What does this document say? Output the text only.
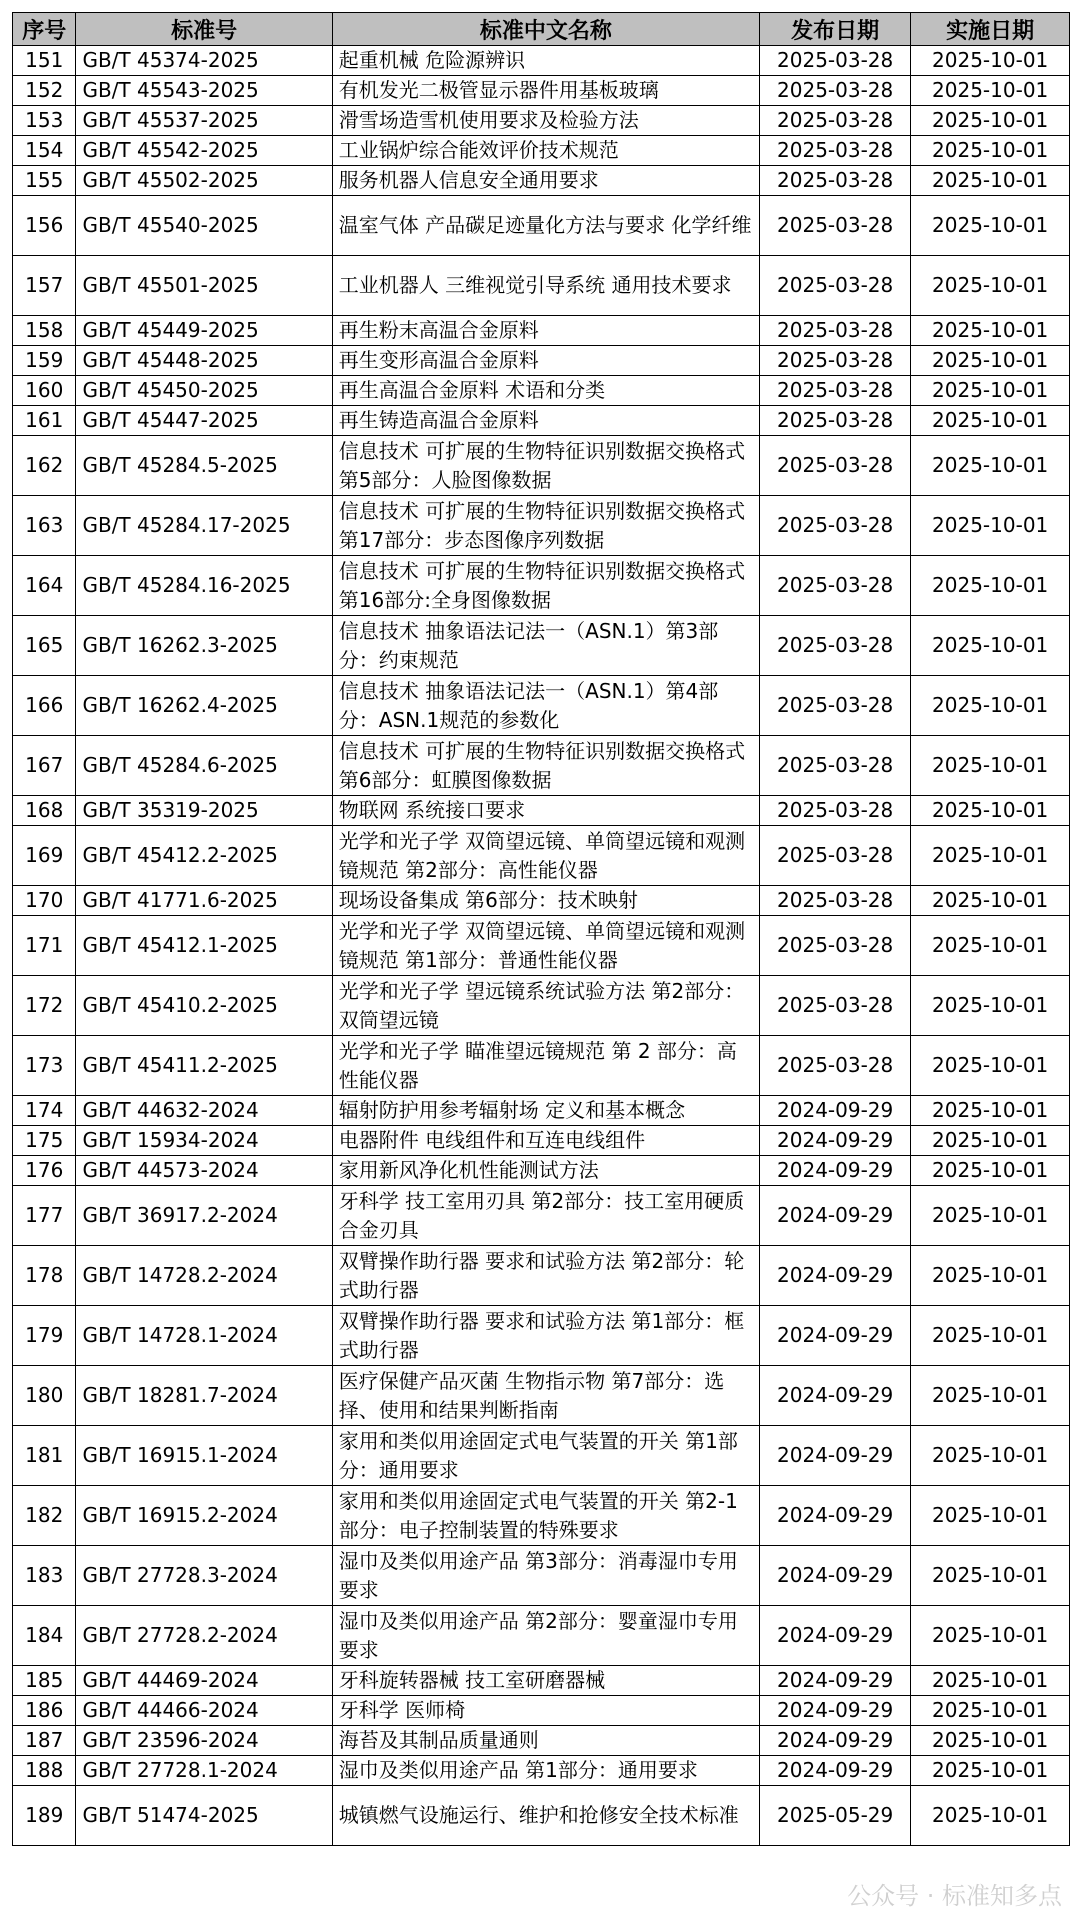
序号	标准号	标准中文名称	发布日期	实施日期
151	GB/T 45374-2025	起重机械 危险源辨识	2025-03-28	2025-10-01
152	GB/T 45543-2025	有机发光二极管显示器件用基板玻璃	2025-03-28	2025-10-01
153	GB/T 45537-2025	滑雪场造雪机使用要求及检验方法	2025-03-28	2025-10-01
154	GB/T 45542-2025	工业锅炉综合能效评价技术规范	2025-03-28	2025-10-01
155	GB/T 45502-2025	服务机器人信息安全通用要求	2025-03-28	2025-10-01
156	GB/T 45540-2025	温室气体 产品碳足迹量化方法与要求 化学纤维	2025-03-28	2025-10-01
157	GB/T 45501-2025	工业机器人 三维视觉引导系统 通用技术要求	2025-03-28	2025-10-01
158	GB/T 45449-2025	再生粉末高温合金原料	2025-03-28	2025-10-01
159	GB/T 45448-2025	再生变形高温合金原料	2025-03-28	2025-10-01
160	GB/T 45450-2025	再生高温合金原料 术语和分类	2025-03-28	2025-10-01
161	GB/T 45447-2025	再生铸造高温合金原料	2025-03-28	2025-10-01
162	GB/T 45284.5-2025	信息技术 可扩展的生物特征识别数据交换格式 第5部分：人脸图像数据	2025-03-28	2025-10-01
163	GB/T 45284.17-2025	信息技术 可扩展的生物特征识别数据交换格式 第17部分：步态图像序列数据	2025-03-28	2025-10-01
164	GB/T 45284.16-2025	信息技术 可扩展的生物特征识别数据交换格式 第16部分:全身图像数据	2025-03-28	2025-10-01
165	GB/T 16262.3-2025	信息技术 抽象语法记法一（ASN.1）第3部分：约束规范	2025-03-28	2025-10-01
166	GB/T 16262.4-2025	信息技术 抽象语法记法一（ASN.1）第4部分：ASN.1规范的参数化	2025-03-28	2025-10-01
167	GB/T 45284.6-2025	信息技术 可扩展的生物特征识别数据交换格式 第6部分：虹膜图像数据	2025-03-28	2025-10-01
168	GB/T 35319-2025	物联网 系统接口要求	2025-03-28	2025-10-01
169	GB/T 45412.2-2025	光学和光子学 双筒望远镜、单筒望远镜和观测镜规范 第2部分：高性能仪器	2025-03-28	2025-10-01
170	GB/T 41771.6-2025	现场设备集成 第6部分：技术映射	2025-03-28	2025-10-01
171	GB/T 45412.1-2025	光学和光子学 双筒望远镜、单筒望远镜和观测镜规范 第1部分：普通性能仪器	2025-03-28	2025-10-01
172	GB/T 45410.2-2025	光学和光子学 望远镜系统试验方法 第2部分：双筒望远镜	2025-03-28	2025-10-01
173	GB/T 45411.2-2025	光学和光子学 瞄准望远镜规范 第 2 部分：高性能仪器	2025-03-28	2025-10-01
174	GB/T 44632-2024	辐射防护用参考辐射场 定义和基本概念	2024-09-29	2025-10-01
175	GB/T 15934-2024	电器附件 电线组件和互连电线组件	2024-09-29	2025-10-01
176	GB/T 44573-2024	家用新风净化机性能测试方法	2024-09-29	2025-10-01
177	GB/T 36917.2-2024	牙科学 技工室用刃具 第2部分：技工室用硬质合金刃具	2024-09-29	2025-10-01
178	GB/T 14728.2-2024	双臂操作助行器 要求和试验方法 第2部分：轮式助行器	2024-09-29	2025-10-01
179	GB/T 14728.1-2024	双臂操作助行器 要求和试验方法 第1部分：框式助行器	2024-09-29	2025-10-01
180	GB/T 18281.7-2024	医疗保健产品灭菌 生物指示物 第7部分：选择、使用和结果判断指南	2024-09-29	2025-10-01
181	GB/T 16915.1-2024	家用和类似用途固定式电气装置的开关 第1部分：通用要求	2024-09-29	2025-10-01
182	GB/T 16915.2-2024	家用和类似用途固定式电气装置的开关 第2-1部分：电子控制装置的特殊要求	2024-09-29	2025-10-01
183	GB/T 27728.3-2024	湿巾及类似用途产品 第3部分：消毒湿巾专用要求	2024-09-29	2025-10-01
184	GB/T 27728.2-2024	湿巾及类似用途产品 第2部分：婴童湿巾专用要求	2024-09-29	2025-10-01
185	GB/T 44469-2024	牙科旋转器械 技工室研磨器械	2024-09-29	2025-10-01
186	GB/T 44466-2024	牙科学 医师椅	2024-09-29	2025-10-01
187	GB/T 23596-2024	海苔及其制品质量通则	2024-09-29	2025-10-01
188	GB/T 27728.1-2024	湿巾及类似用途产品 第1部分：通用要求	2024-09-29	2025-10-01
189	GB/T 51474-2025	城镇燃气设施运行、维护和抢修安全技术标准	2025-05-29	2025-10-01
公众号 · 标准知多点
